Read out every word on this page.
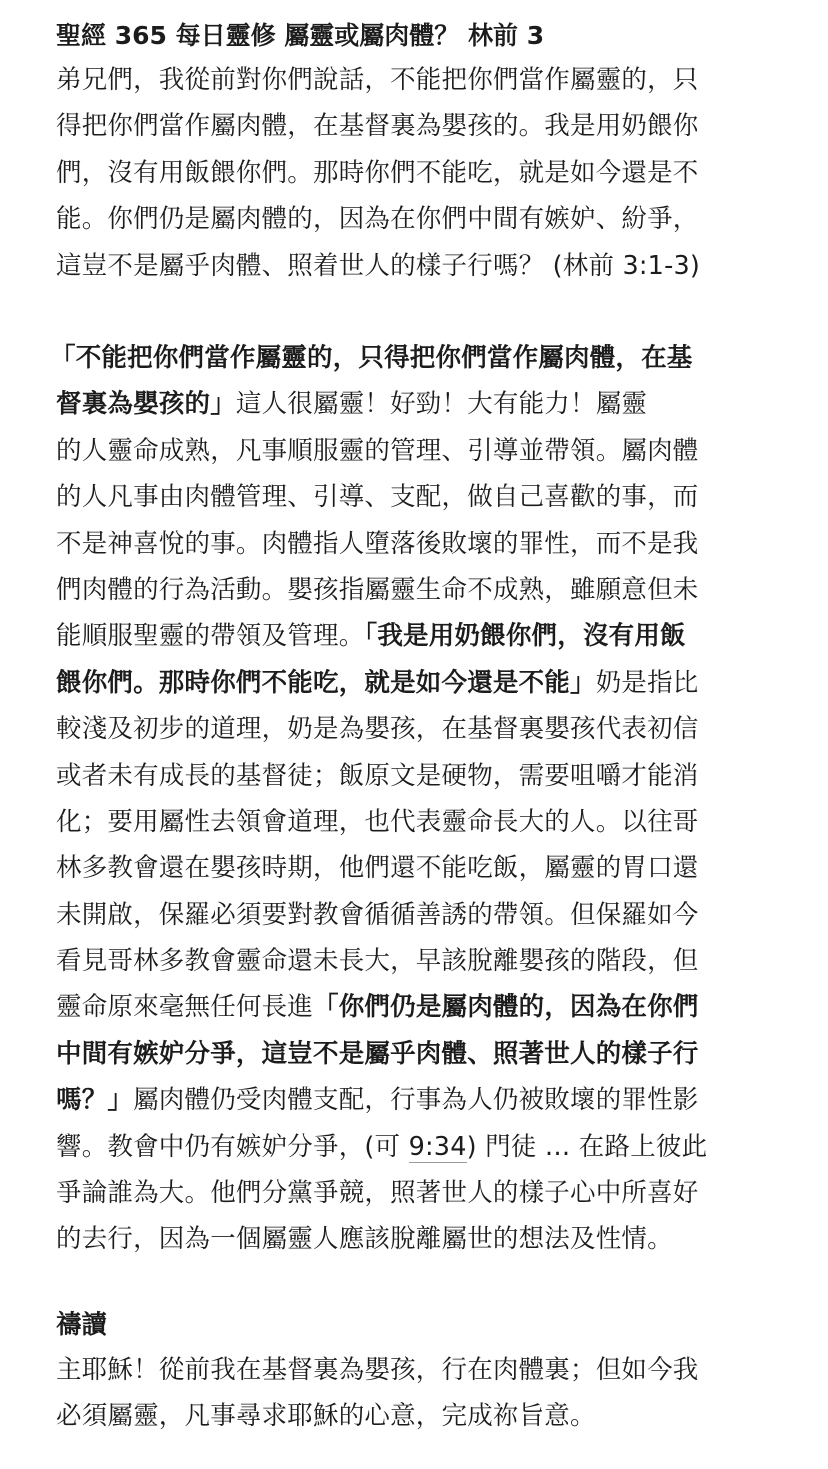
聖經 365 每日靈修 屬靈或屬肉體？ 林前 3
弟兄們，我從前對你們說話，不能把你們當作屬靈的，只
得把你們當作屬肉體，在基督裏為嬰孩的。我是用奶餵你
們，沒有用飯餵你們。那時你們不能吃，就是如今還是不
能。你們仍是屬肉體的，因為在你們中間有嫉妒、紛爭，
這豈不是屬乎肉體、照着世人的樣子行嗎？ (林前 3:1-3)
「不能把你們當作屬靈的，只得把你們當作屬肉體，在基
督裏為嬰孩的」這人很屬靈！好勁！大有能力！屬靈
的人靈命成熟，凡事順服靈的管理、引導並帶領。屬肉體
的人凡事由肉體管理、引導、支配，做自己喜歡的事，而
不是神喜悅的事。肉體指人墮落後敗壞的罪性，而不是我
們肉體的行為活動。嬰孩指屬靈生命不成熟，雖願意但未
能順服聖靈的帶領及管理。「我是用奶餵你們，沒有用飯
餵你們。那時你們不能吃，就是如今還是不能」奶是指比
較淺及初步的道理，奶是為嬰孩，在基督裏嬰孩代表初信
或者未有成長的基督徒；飯原文是硬物，需要咀嚼才能消
化；要用屬性去領會道理，也代表靈命長大的人。以往哥
林多教會還在嬰孩時期，他們還不能吃飯，屬靈的胃口還
未開啟，保羅必須要對教會循循善誘的帶領。但保羅如今
看見哥林多教會靈命還未長大，早該脫離嬰孩的階段，但
靈命原來毫無任何長進「你們仍是屬肉體的，因為在你們
中間有嫉妒分爭，這豈不是屬乎肉體、照著世人的樣子行
嗎？」屬肉體仍受肉體支配，行事為人仍被敗壞的罪性影
響。教會中仍有嫉妒分爭，(可 9:34) 門徒 … 在路上彼此
爭論誰為大。他們分黨爭競，照著世人的樣子心中所喜好
的去行，因為一個屬靈人應該脫離屬世的想法及性情。
禱讀
主耶穌！從前我在基督裏為嬰孩，行在肉體裏；但如今我
必須屬靈，凡事尋求耶穌的心意，完成祢旨意。
